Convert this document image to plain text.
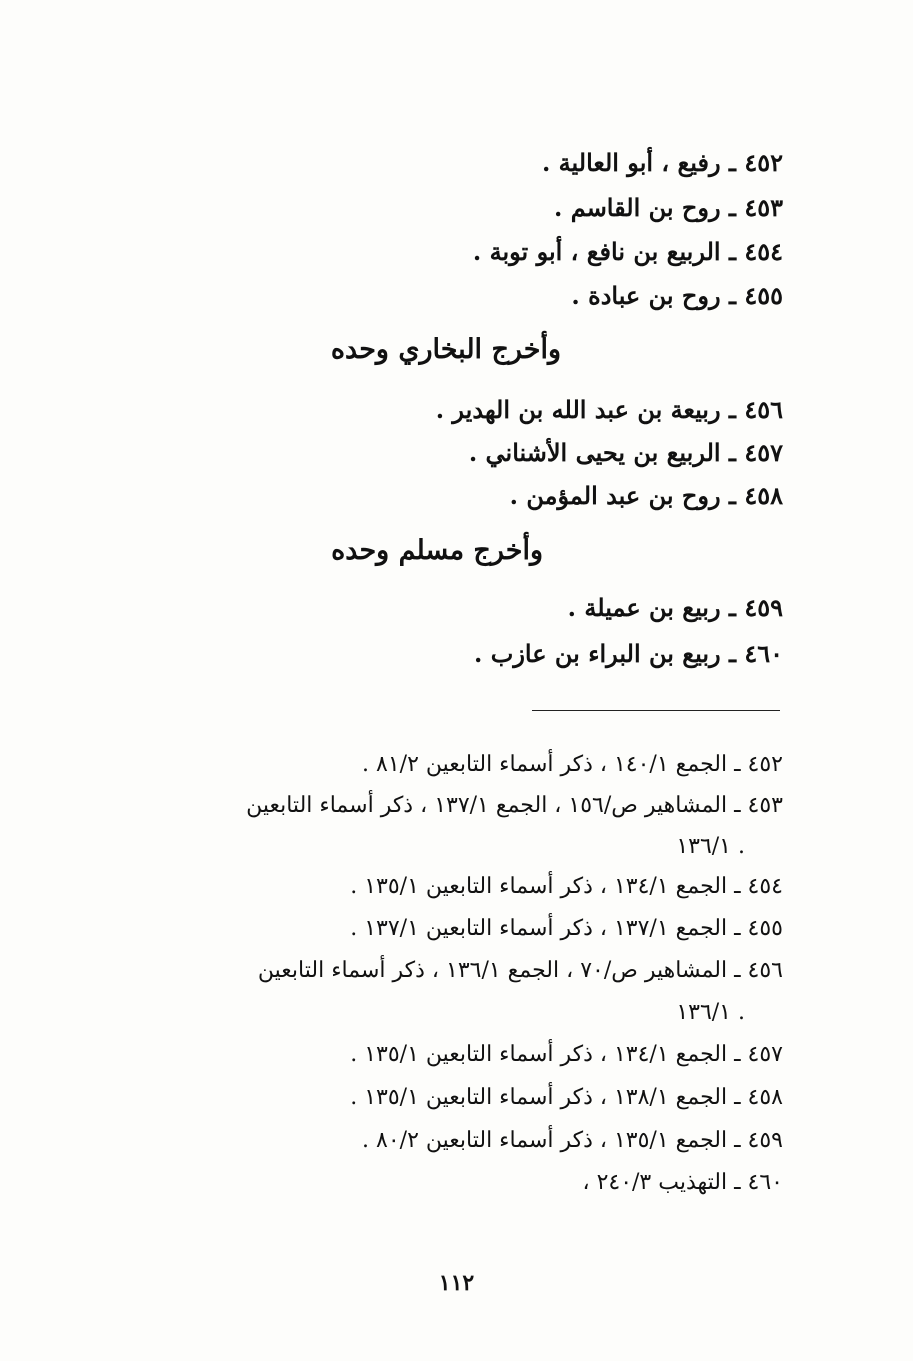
٤٥٢ ـ رفيع ، أبو العالية .
٤٥٣ ـ روح بن القاسم .
٤٥٤ ـ الربيع بن نافع ، أبو توبة .
٤٥٥ ـ روح بن عبادة .
وأخرج البخاري وحده
٤٥٦ ـ ربيعة بن عبد الله بن الهدير .
٤٥٧ ـ الربيع بن يحيى الأشناني .
٤٥٨ ـ روح بن عبد المؤمن .
وأخرج مسلم وحده
٤٥٩ ـ ربيع بن عميلة .
٤٦٠ ـ ربيع بن البراء بن عازب .
٤٥٢ ـ الجمع ١٤٠/١ ، ذكر أسماء التابعين ٨١/٢ .
٤٥٣ ـ المشاهير ص/١٥٦ ، الجمع ١٣٧/١ ، ذكر أسماء التابعين
١٣٦/١ .
٤٥٤ ـ الجمع ١٣٤/١ ، ذكر أسماء التابعين ١٣٥/١ .
٤٥٥ ـ الجمع ١٣٧/١ ، ذكر أسماء التابعين ١٣٧/١ .
٤٥٦ ـ المشاهير ص/٧٠ ، الجمع ١٣٦/١ ، ذكر أسماء التابعين
١٣٦/١ .
٤٥٧ ـ الجمع ١٣٤/١ ، ذكر أسماء التابعين ١٣٥/١ .
٤٥٨ ـ الجمع ١٣٨/١ ، ذكر أسماء التابعين ١٣٥/١ .
٤٥٩ ـ الجمع ١٣٥/١ ، ذكر أسماء التابعين ٨٠/٢ .
٤٦٠ ـ التهذيب ٢٤٠/٣ ،
١١٢
